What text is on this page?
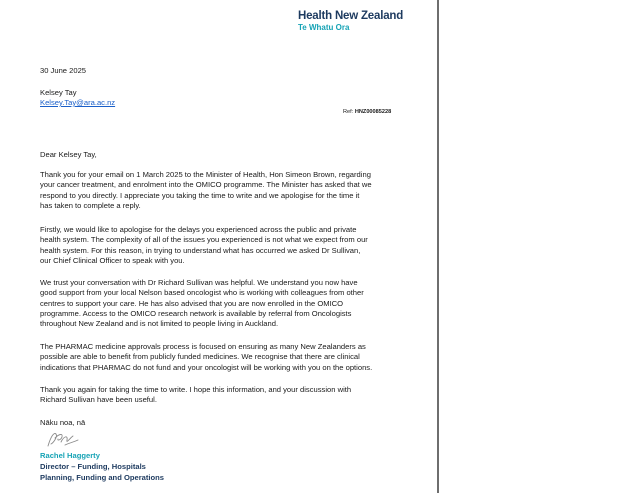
Health New Zealand
Te Whatu Ora
30 June 2025
Kelsey Tay
Kelsey.Tay@ara.ac.nz
Ref: HNZ00085228
Dear Kelsey Tay,
Thank you for your email on 1 March 2025 to the Minister of Health, Hon Simeon Brown, regarding
your cancer treatment, and enrolment into the OMICO programme. The Minister has asked that we
respond to you directly. I appreciate you taking the time to write and we apologise for the time it
has taken to complete a reply.
Firstly, we would like to apologise for the delays you experienced across the public and private
health system. The complexity of all of the issues you experienced is not what we expect from our
health system. For this reason, in trying to understand what has occurred we asked Dr Sullivan,
our Chief Clinical Officer to speak with you.
We trust your conversation with Dr Richard Sullivan was helpful. We understand you now have
good support from your local Nelson based oncologist who is working with colleagues from other
centres to support your care. He has also advised that you are now enrolled in the OMICO
programme. Access to the OMICO research network is available by referral from Oncologists
throughout New Zealand and is not limited to people living in Auckland.
The PHARMAC medicine approvals process is focused on ensuring as many New Zealanders as
possible are able to benefit from publicly funded medicines. We recognise that there are clinical
indications that PHARMAC do not fund and your oncologist will be working with you on the options.
Thank you again for taking the time to write. I hope this information, and your discussion with
Richard Sullivan have been useful.
Nāku noa, nā
Rachel Haggerty
Director – Funding, Hospitals
Planning, Funding and Operations
